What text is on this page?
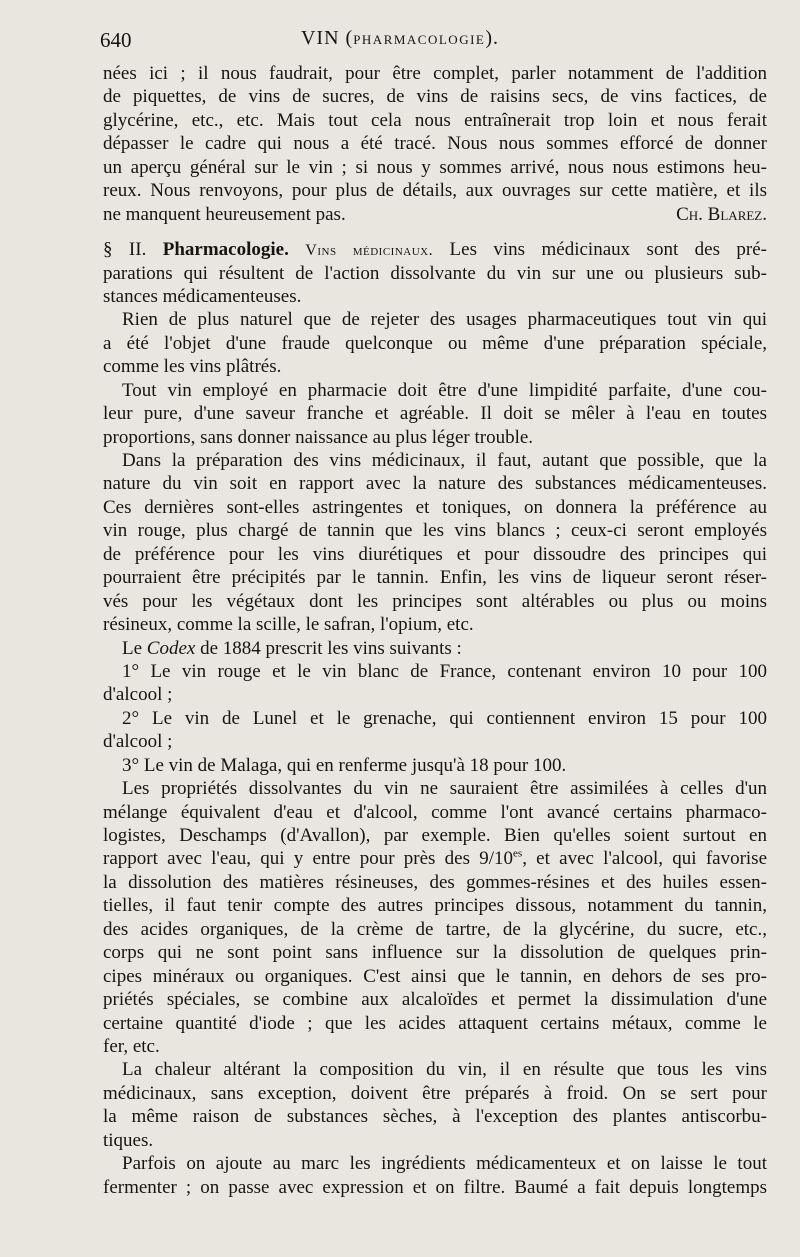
640	VIN (PHARMACOLOGIE).
nées ici ; il nous faudrait, pour être complet, parler notamment de l'addition
de piquettes, de vins de sucres, de vins de raisins secs, de vins factices, de
glycérine, etc., etc. Mais tout cela nous entraînerait trop loin et nous ferait
dépasser le cadre qui nous a été tracé. Nous nous sommes efforcé de donner
un aperçu général sur le vin ; si nous y sommes arrivé, nous nous estimons heu-
reux. Nous renvoyons, pour plus de détails, aux ouvrages sur cette matière, et ils
ne manquent heureusement pas.	Ch. Blarez.
§ II. Pharmacologie. Vins médicinaux. Les vins médicinaux sont des pré-
parations qui résultent de l'action dissolvante du vin sur une ou plusieurs sub-
stances médicamenteuses.
Rien de plus naturel que de rejeter des usages pharmaceutiques tout vin qui
a été l'objet d'une fraude quelconque ou même d'une préparation spéciale,
comme les vins plâtrés.
Tout vin employé en pharmacie doit être d'une limpidité parfaite, d'une cou-
leur pure, d'une saveur franche et agréable. Il doit se mêler à l'eau en toutes
proportions, sans donner naissance au plus léger trouble.
Dans la préparation des vins médicinaux, il faut, autant que possible, que la
nature du vin soit en rapport avec la nature des substances médicamenteuses.
Ces dernières sont-elles astringentes et toniques, on donnera la préférence au
vin rouge, plus chargé de tannin que les vins blancs ; ceux-ci seront employés
de préférence pour les vins diurétiques et pour dissoudre des principes qui
pourraient être précipités par le tannin. Enfin, les vins de liqueur seront réser-
vés pour les végétaux dont les principes sont altérables ou plus ou moins
résineux, comme la scille, le safran, l'opium, etc.
Le Codex de 1884 prescrit les vins suivants :
1° Le vin rouge et le vin blanc de France, contenant environ 10 pour 100
d'alcool ;
2° Le vin de Lunel et le grenache, qui contiennent environ 15 pour 100
d'alcool ;
3° Le vin de Malaga, qui en renferme jusqu'à 18 pour 100.
Les propriétés dissolvantes du vin ne sauraient être assimilées à celles d'un
mélange équivalent d'eau et d'alcool, comme l'ont avancé certains pharmaco-
logistes, Deschamps (d'Avallon), par exemple. Bien qu'elles soient surtout en
rapport avec l'eau, qui y entre pour près des $9/10^{es}$, et avec l'alcool, qui favorise
la dissolution des matières résineuses, des gommes-résines et des huiles essen-
tielles, il faut tenir compte des autres principes dissous, notamment du tannin,
des acides organiques, de la crème de tartre, de la glycérine, du sucre, etc.,
corps qui ne sont point sans influence sur la dissolution de quelques prin-
cipes minéraux ou organiques. C'est ainsi que le tannin, en dehors de ses pro-
priétés spéciales, se combine aux alcaloïdes et permet la dissimulation d'une
certaine quantité d'iode ; que les acides attaquent certains métaux, comme le
fer, etc.
La chaleur altérant la composition du vin, il en résulte que tous les vins
médicinaux, sans exception, doivent être préparés à froid. On se sert pour
la même raison de substances sèches, à l'exception des plantes antiscorbu-
tiques.
Parfois on ajoute au marc les ingrédients médicamenteux et on laisse le tout
fermenter ; on passe avec expression et on filtre. Baumé a fait depuis longtemps
